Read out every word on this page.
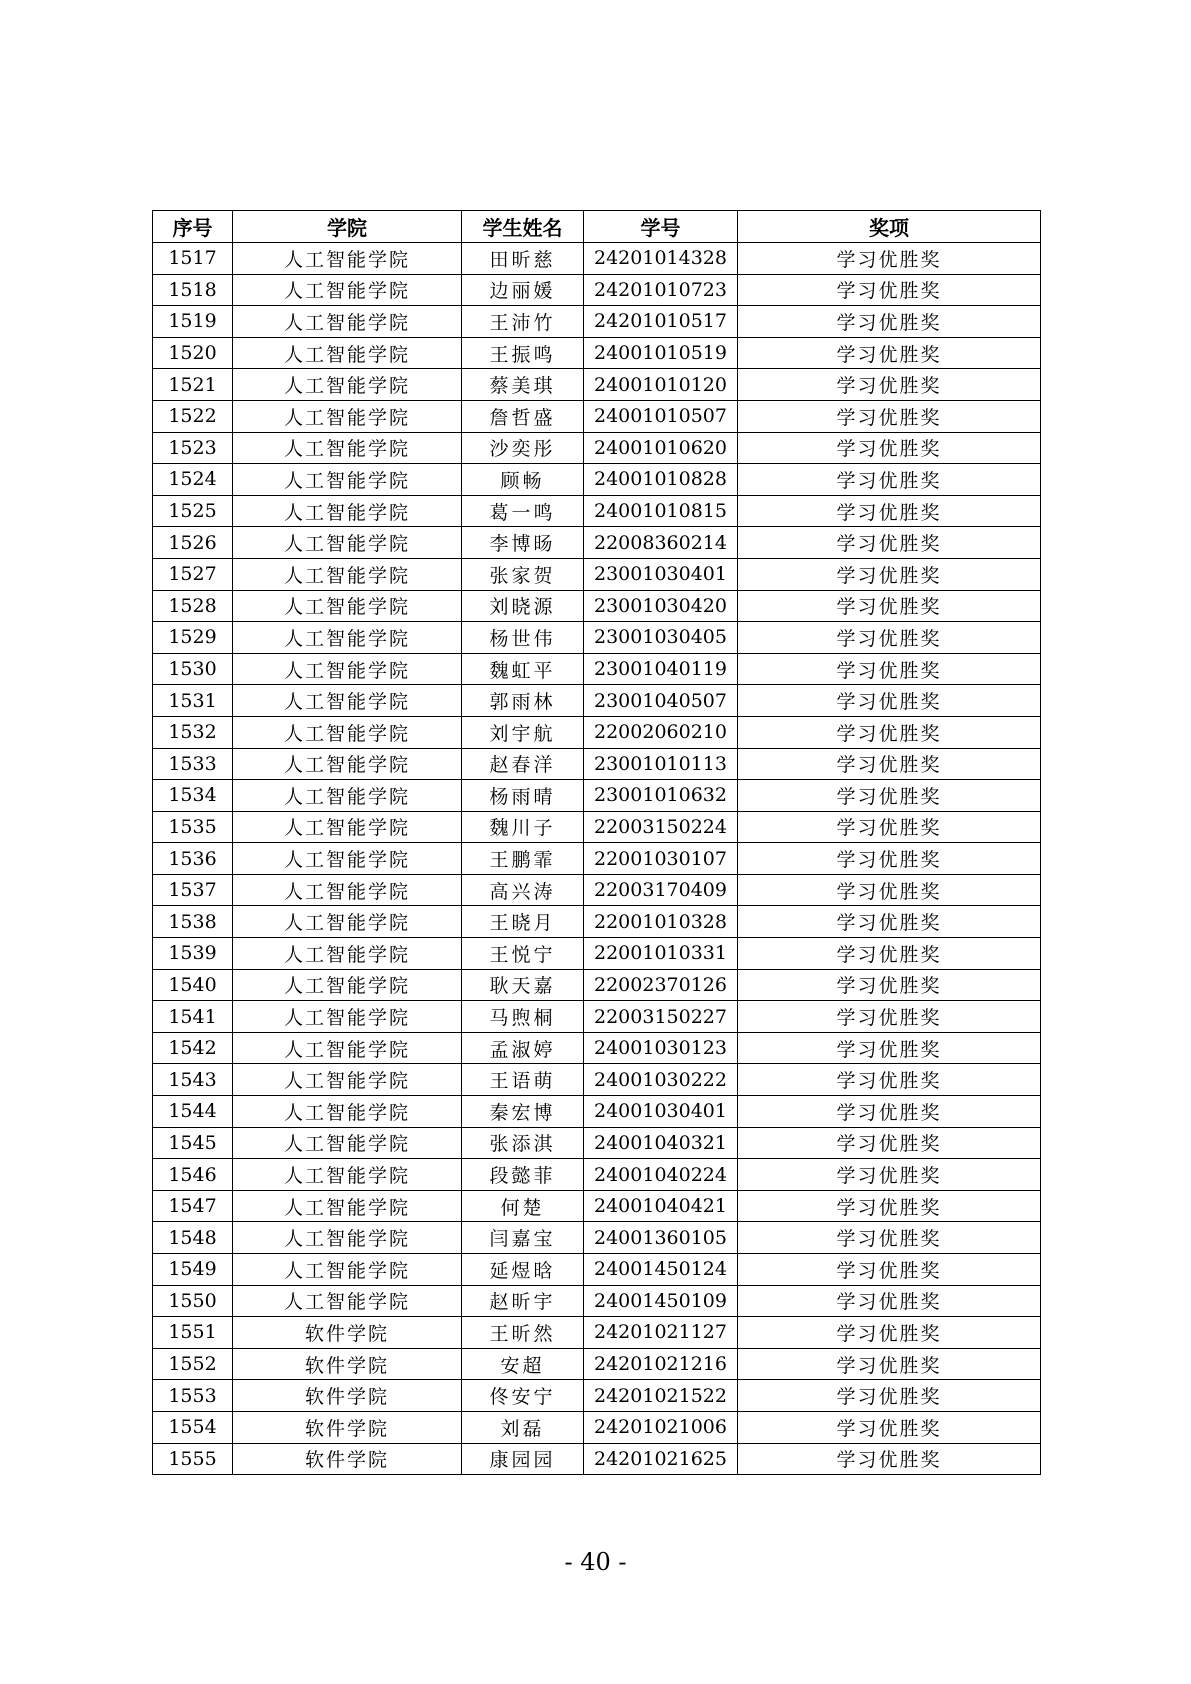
序号	学院	学生姓名	学号	奖项
1517	人工智能学院	田昕慈	24201014328	学习优胜奖
1518	人工智能学院	边丽媛	24201010723	学习优胜奖
1519	人工智能学院	王沛竹	24201010517	学习优胜奖
1520	人工智能学院	王振鸣	24001010519	学习优胜奖
1521	人工智能学院	蔡美琪	24001010120	学习优胜奖
1522	人工智能学院	詹哲盛	24001010507	学习优胜奖
1523	人工智能学院	沙奕彤	24001010620	学习优胜奖
1524	人工智能学院	顾畅	24001010828	学习优胜奖
1525	人工智能学院	葛一鸣	24001010815	学习优胜奖
1526	人工智能学院	李博旸	22008360214	学习优胜奖
1527	人工智能学院	张家贺	23001030401	学习优胜奖
1528	人工智能学院	刘晓源	23001030420	学习优胜奖
1529	人工智能学院	杨世伟	23001030405	学习优胜奖
1530	人工智能学院	魏虹平	23001040119	学习优胜奖
1531	人工智能学院	郭雨林	23001040507	学习优胜奖
1532	人工智能学院	刘宇航	22002060210	学习优胜奖
1533	人工智能学院	赵春洋	23001010113	学习优胜奖
1534	人工智能学院	杨雨晴	23001010632	学习优胜奖
1535	人工智能学院	魏川子	22003150224	学习优胜奖
1536	人工智能学院	王鹏霏	22001030107	学习优胜奖
1537	人工智能学院	高兴涛	22003170409	学习优胜奖
1538	人工智能学院	王晓月	22001010328	学习优胜奖
1539	人工智能学院	王悦宁	22001010331	学习优胜奖
1540	人工智能学院	耿天嘉	22002370126	学习优胜奖
1541	人工智能学院	马煦桐	22003150227	学习优胜奖
1542	人工智能学院	孟淑婷	24001030123	学习优胜奖
1543	人工智能学院	王语萌	24001030222	学习优胜奖
1544	人工智能学院	秦宏博	24001030401	学习优胜奖
1545	人工智能学院	张添淇	24001040321	学习优胜奖
1546	人工智能学院	段懿菲	24001040224	学习优胜奖
1547	人工智能学院	何楚	24001040421	学习优胜奖
1548	人工智能学院	闫嘉宝	24001360105	学习优胜奖
1549	人工智能学院	延煜晗	24001450124	学习优胜奖
1550	人工智能学院	赵昕宇	24001450109	学习优胜奖
1551	软件学院	王昕然	24201021127	学习优胜奖
1552	软件学院	安超	24201021216	学习优胜奖
1553	软件学院	佟安宁	24201021522	学习优胜奖
1554	软件学院	刘磊	24201021006	学习优胜奖
1555	软件学院	康园园	24201021625	学习优胜奖
- 40 -
